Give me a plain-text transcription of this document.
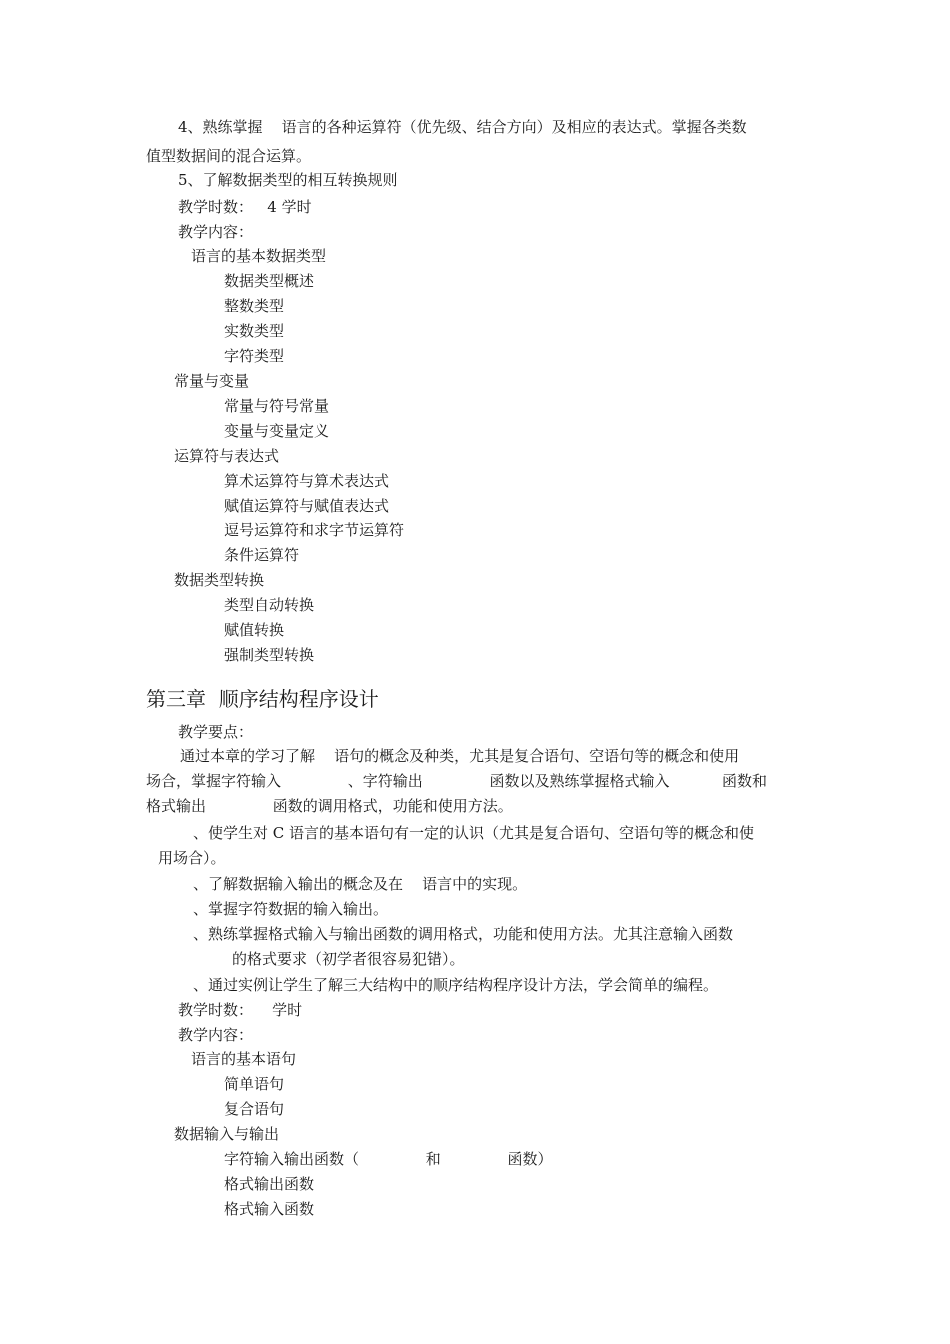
4、熟练掌握    语言的各种运算符（优先级、结合方向）及相应的表达式。掌握各类数
值型数据间的混合运算。
5、了解数据类型的相互转换规则
教学时数：   4 学时
教学内容：
语言的基本数据类型
数据类型概述
整数类型
实数类型
字符类型
常量与变量
常量与符号常量
变量与变量定义
运算符与表达式
算术运算符与算术表达式
赋值运算符与赋值表达式
逗号运算符和求字节运算符
条件运算符
数据类型转换
类型自动转换
赋值转换
强制类型转换
第三章  顺序结构程序设计
教学要点：
通过本章的学习了解    语句的概念及种类，尤其是复合语句、空语句等的概念和使用
场合，掌握字符输入              、字符输出              函数以及熟练掌握格式输入           函数和
格式输出              函数的调用格式，功能和使用方法。
、使学生对 C 语言的基本语句有一定的认识（尤其是复合语句、空语句等的概念和使
用场合）。
、了解数据输入输出的概念及在    语言中的实现。
、掌握字符数据的输入输出。
、熟练掌握格式输入与输出函数的调用格式，功能和使用方法。尤其注意输入函数
的格式要求（初学者很容易犯错）。
、通过实例让学生了解三大结构中的顺序结构程序设计方法，学会简单的编程。
教学时数：    学时
教学内容：
语言的基本语句
简单语句
复合语句
数据输入与输出
字符输入输出函数（              和              函数）
格式输出函数
格式输入函数
